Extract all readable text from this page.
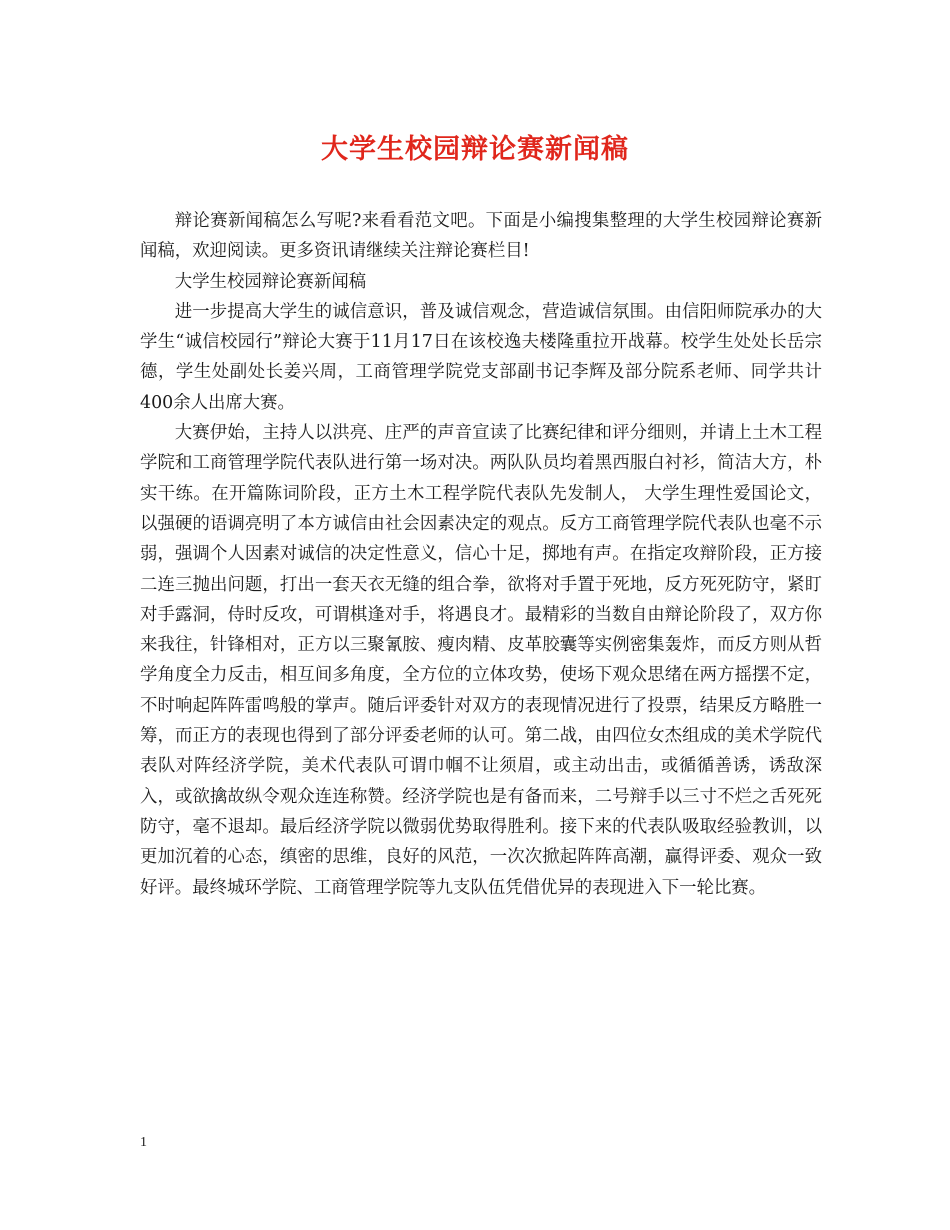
大学生校园辩论赛新闻稿

辩论赛新闻稿怎么写呢?来看看范文吧。下面是小编搜集整理的大学生校园辩论赛新闻稿，欢迎阅读。更多资讯请继续关注辩论赛栏目!

大学生校园辩论赛新闻稿

进一步提高大学生的诚信意识，普及诚信观念，营造诚信氛围。由信阳师院承办的大学生“诚信校园行”辩论大赛于11月17日在该校逸夫楼隆重拉开战幕。校学生处处长岳宗德，学生处副处长姜兴周，工商管理学院党支部副书记李辉及部分院系老师、同学共计400余人出席大赛。

大赛伊始，主持人以洪亮、庄严的声音宣读了比赛纪律和评分细则，并请上土木工程学院和工商管理学院代表队进行第一场对决。两队队员均着黑西服白衬衫，简洁大方，朴实干练。在开篇陈词阶段，正方土木工程学院代表队先发制人， 大学生理性爱国论文，以强硬的语调亮明了本方诚信由社会因素决定的观点。反方工商管理学院代表队也毫不示弱，强调个人因素对诚信的决定性意义，信心十足，掷地有声。在指定攻辩阶段，正方接二连三抛出问题，打出一套天衣无缝的组合拳，欲将对手置于死地，反方死死防守，紧盯对手露洞，侍时反攻，可谓棋逢对手，将遇良才。最精彩的当数自由辩论阶段了，双方你来我往，针锋相对，正方以三聚氰胺、瘦肉精、皮革胶囊等实例密集轰炸，而反方则从哲学角度全力反击，相互间多角度，全方位的立体攻势，使场下观众思绪在两方摇摆不定，不时响起阵阵雷鸣般的掌声。随后评委针对双方的表现情况进行了投票，结果反方略胜一筹，而正方的表现也得到了部分评委老师的认可。第二战，由四位女杰组成的美术学院代表队对阵经济学院，美术代表队可谓巾帼不让须眉，或主动出击，或循循善诱，诱敌深入，或欲擒故纵令观众连连称赞。经济学院也是有备而来，二号辩手以三寸不烂之舌死死防守，毫不退却。最后经济学院以微弱优势取得胜利。接下来的代表队吸取经验教训，以更加沉着的心态，缜密的思维，良好的风范，一次次掀起阵阵高潮，赢得评委、观众一致好评。最终城环学院、工商管理学院等九支队伍凭借优异的表现进入下一轮比赛。

1
